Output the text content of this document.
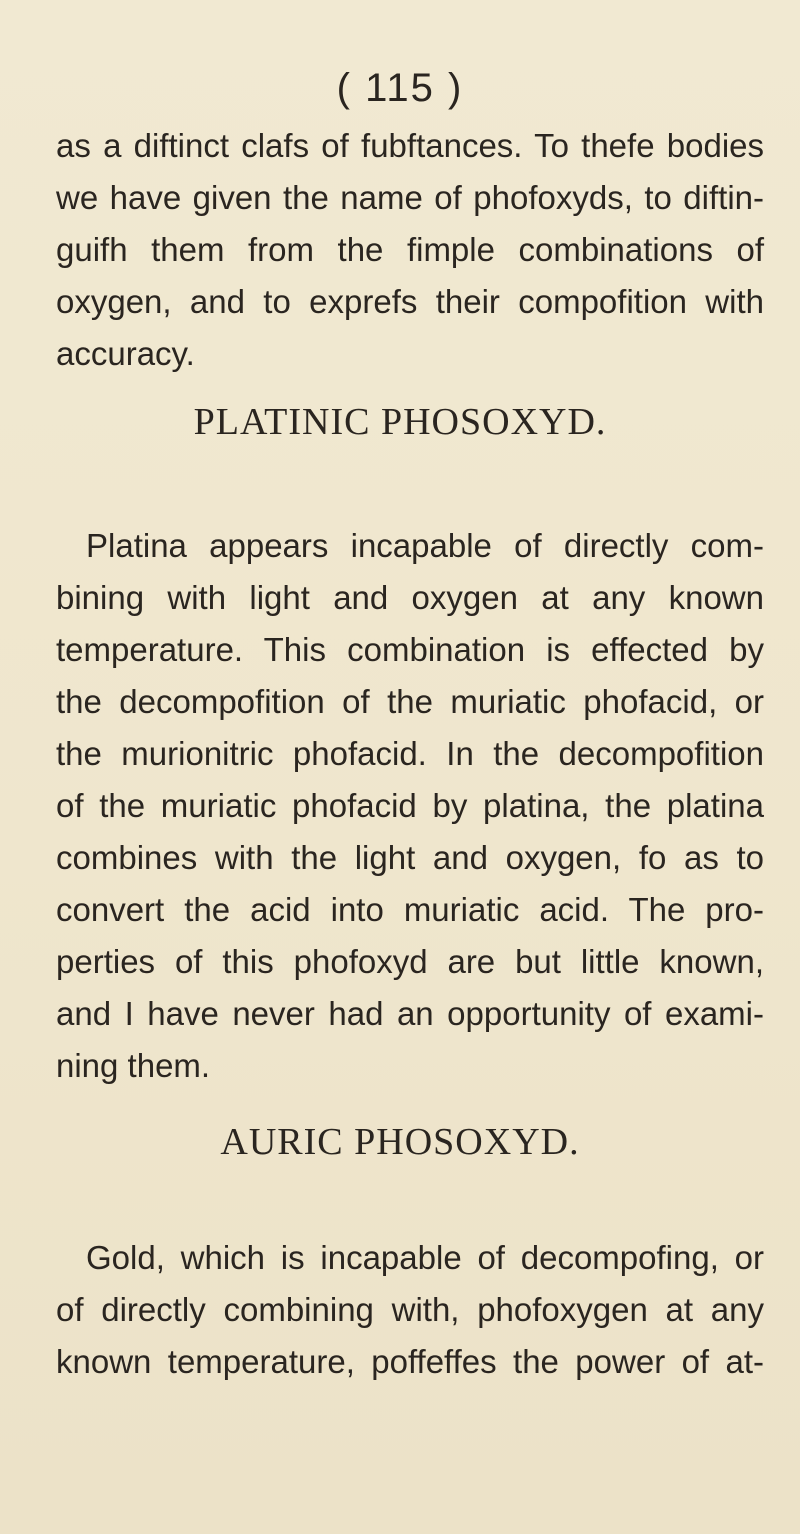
( 115 )
as a diftinct clafs of fubftances. To thefe bodies
we have given the name of phofoxyds, to diftin-
guifh them from the fimple combinations of
oxygen, and to exprefs their compofition with
accuracy.
PLATINIC PHOSOXYD.
Platina appears incapable of directly com-
bining with light and oxygen at any known
temperature. This combination is effected by
the decompofition of the muriatic phofacid, or
the murionitric phofacid. In the decompofition
of the muriatic phofacid by platina, the platina
combines with the light and oxygen, fo as to
convert the acid into muriatic acid. The pro-
perties of this phofoxyd are but little known,
and I have never had an opportunity of exami-
ning them.
AURIC PHOSOXYD.
Gold, which is incapable of decompofing, or
of directly combining with, phofoxygen at any
known temperature, poffeffes the power of at-
